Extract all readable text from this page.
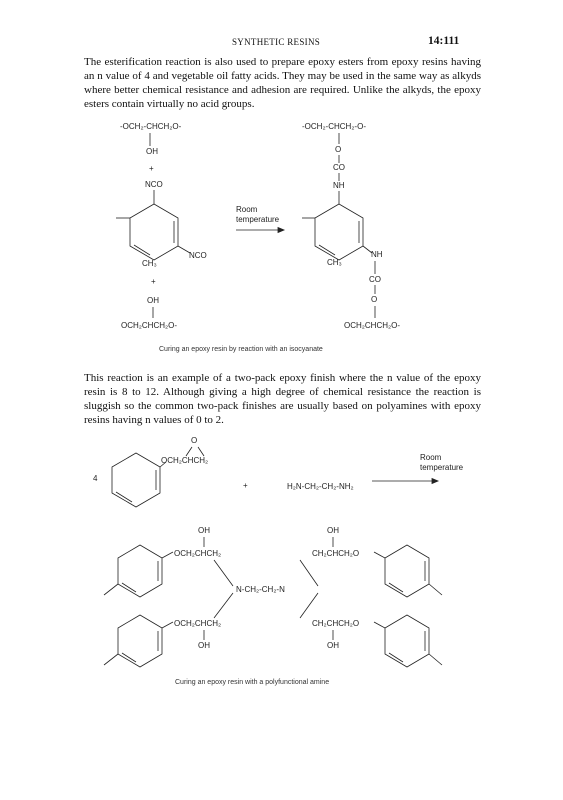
SYNTHETIC RESINS	14:111

The esterification reaction is also used to prepare epoxy esters from epoxy resins having an n value of 4 and vegetable oil fatty acids. They may be used in the same way as alkyds where better chemical resistance and adhesion are required. Unlike the alkyds, the epoxy esters contain virtually no acid groups.

-OCH₂-CHCH₂O-
OH
+
NCO
NCO
CH₃
+
OH
OCH₂CHCH₂O-
Room
temperature
-OCH₂-CHCH₂-O-
O
CO
NH
NH
CH₃
CO
O
OCH₂CHCH₂O-
Curing an epoxy resin by reaction with an isocyanate

This reaction is an example of a two-pack epoxy finish where the n value of the epoxy resin is 8 to 12. Although giving a high degree of chemical resistance the reaction is sluggish so the common two-pack finishes are usually based on polyamines with epoxy resins having n values of 0 to 2.

O
OCH₂CHCH₂
4
+	H₂N-CH₂-CH₂-NH₂
Room
temperature
OH
OCH₂CHCH₂
N-CH₂-CH₂-N
OCH₂CHCH₂
OH
OH
CH₂CHCH₂O
CH₂CHCH₂O
OH
Curing an epoxy resin with a polyfunctional amine
